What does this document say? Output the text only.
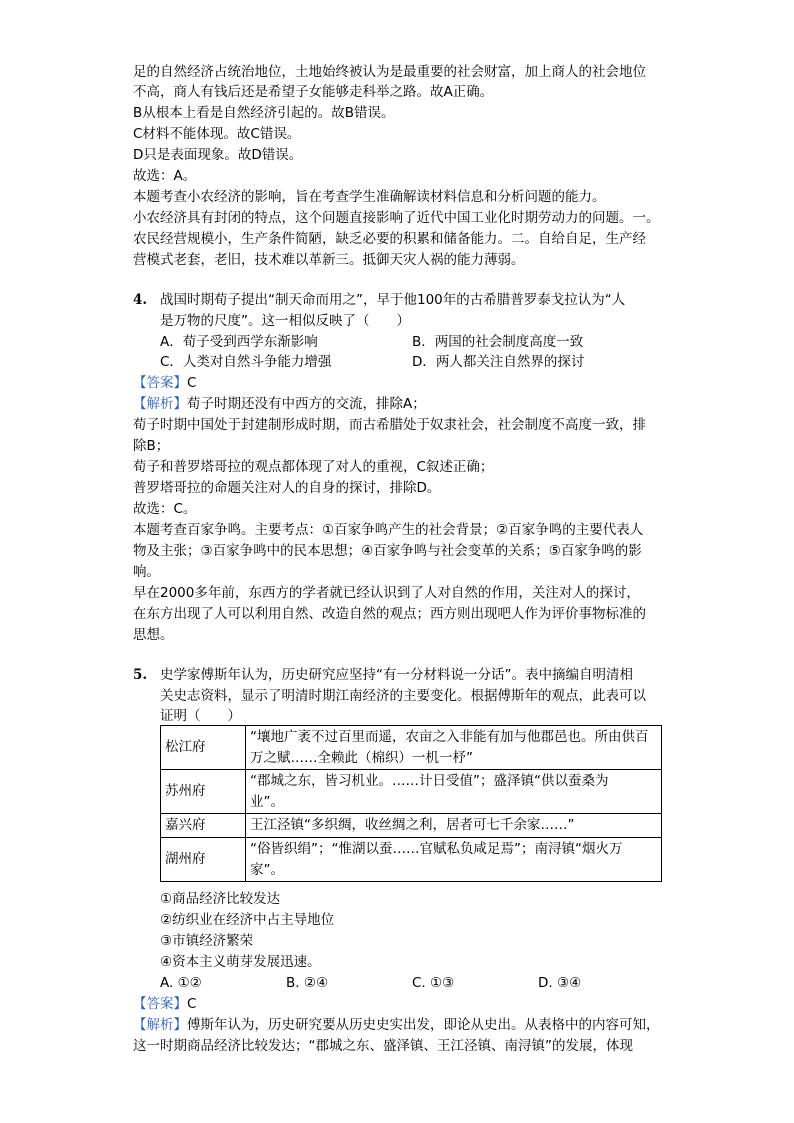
足的自然经济占统治地位，土地始终被认为是最重要的社会财富，加上商人的社会地位
不高，商人有钱后还是希望子女能够走科举之路。故A正确。
B从根本上看是自然经济引起的。故B错误。
C材料不能体现。故C错误。
D只是表面现象。故D错误。
故选：A。
本题考查小农经济的影响，旨在考查学生准确解读材料信息和分析问题的能力。
小农经济具有封闭的特点，这个问题直接影响了近代中国工业化时期劳动力的问题。一。
农民经营规模小，生产条件简陋，缺乏必要的积累和储备能力。二。自给自足，生产经
营模式老套，老旧，技术难以革新三。抵御天灾人祸的能力薄弱。
4. 战国时期荀子提出“制天命而用之”，早于他100年的古希腊普罗泰戈拉认为“人
是万物的尺度”。这一相似反映了（　　）
A．荀子受到西学东渐影响	B．两国的社会制度高度一致
C．人类对自然斗争能力增强	D．两人都关注自然界的探讨
【答案】C
【解析】荀子时期还没有中西方的交流，排除A；
荀子时期中国处于封建制形成时期，而古希腊处于奴隶社会，社会制度不高度一致，排
除B；
荀子和普罗塔哥拉的观点都体现了对人的重视，C叙述正确；
普罗塔哥拉的命题关注对人的自身的探讨，排除D。
故选：C。
本题考查百家争鸣。主要考点：①百家争鸣产生的社会背景；②百家争鸣的主要代表人
物及主张；③百家争鸣中的民本思想；④百家争鸣与社会变革的关系；⑤百家争鸣的影
响。
早在2000多年前，东西方的学者就已经认识到了人对自然的作用，关注对人的探讨，
在东方出现了人可以利用自然、改造自然的观点；西方则出现吧人作为评价事物标准的
思想。
5. 史学家傅斯年认为，历史研究应坚持“有一分材料说一分话”。表中摘编自明清相
关史志资料，显示了明清时期江南经济的主要变化。根据傅斯年的观点，此表可以
证明（　　）
松江府	“壤地广袤不过百里而遥，农亩之入非能有加与他郡邑也。所由供百
万之赋……全赖此（棉织）一机一杼”

苏州府	“郡城之东，皆习机业。……计日受值”；盛泽镇“供以蚕桑为
业”。

嘉兴府	王江泾镇“多织绸，收丝绸之利，居者可七千余家……”

湖州府	“俗皆织绢”；“惟湖以蚕……官赋私负咸足焉”；南浔镇“烟火万
家”。
①商品经济比较发达
②纺织业在经济中占主导地位
③市镇经济繁荣
④资本主义萌芽发展迅速。
A. ①②	B. ②④	C. ①③	D. ③④
【答案】C
【解析】傅斯年认为，历史研究要从历史史实出发，即论从史出。从表格中的内容可知，
这一时期商品经济比较发达；“郡城之东、盛泽镇、王江泾镇、南浔镇”的发展，体现
